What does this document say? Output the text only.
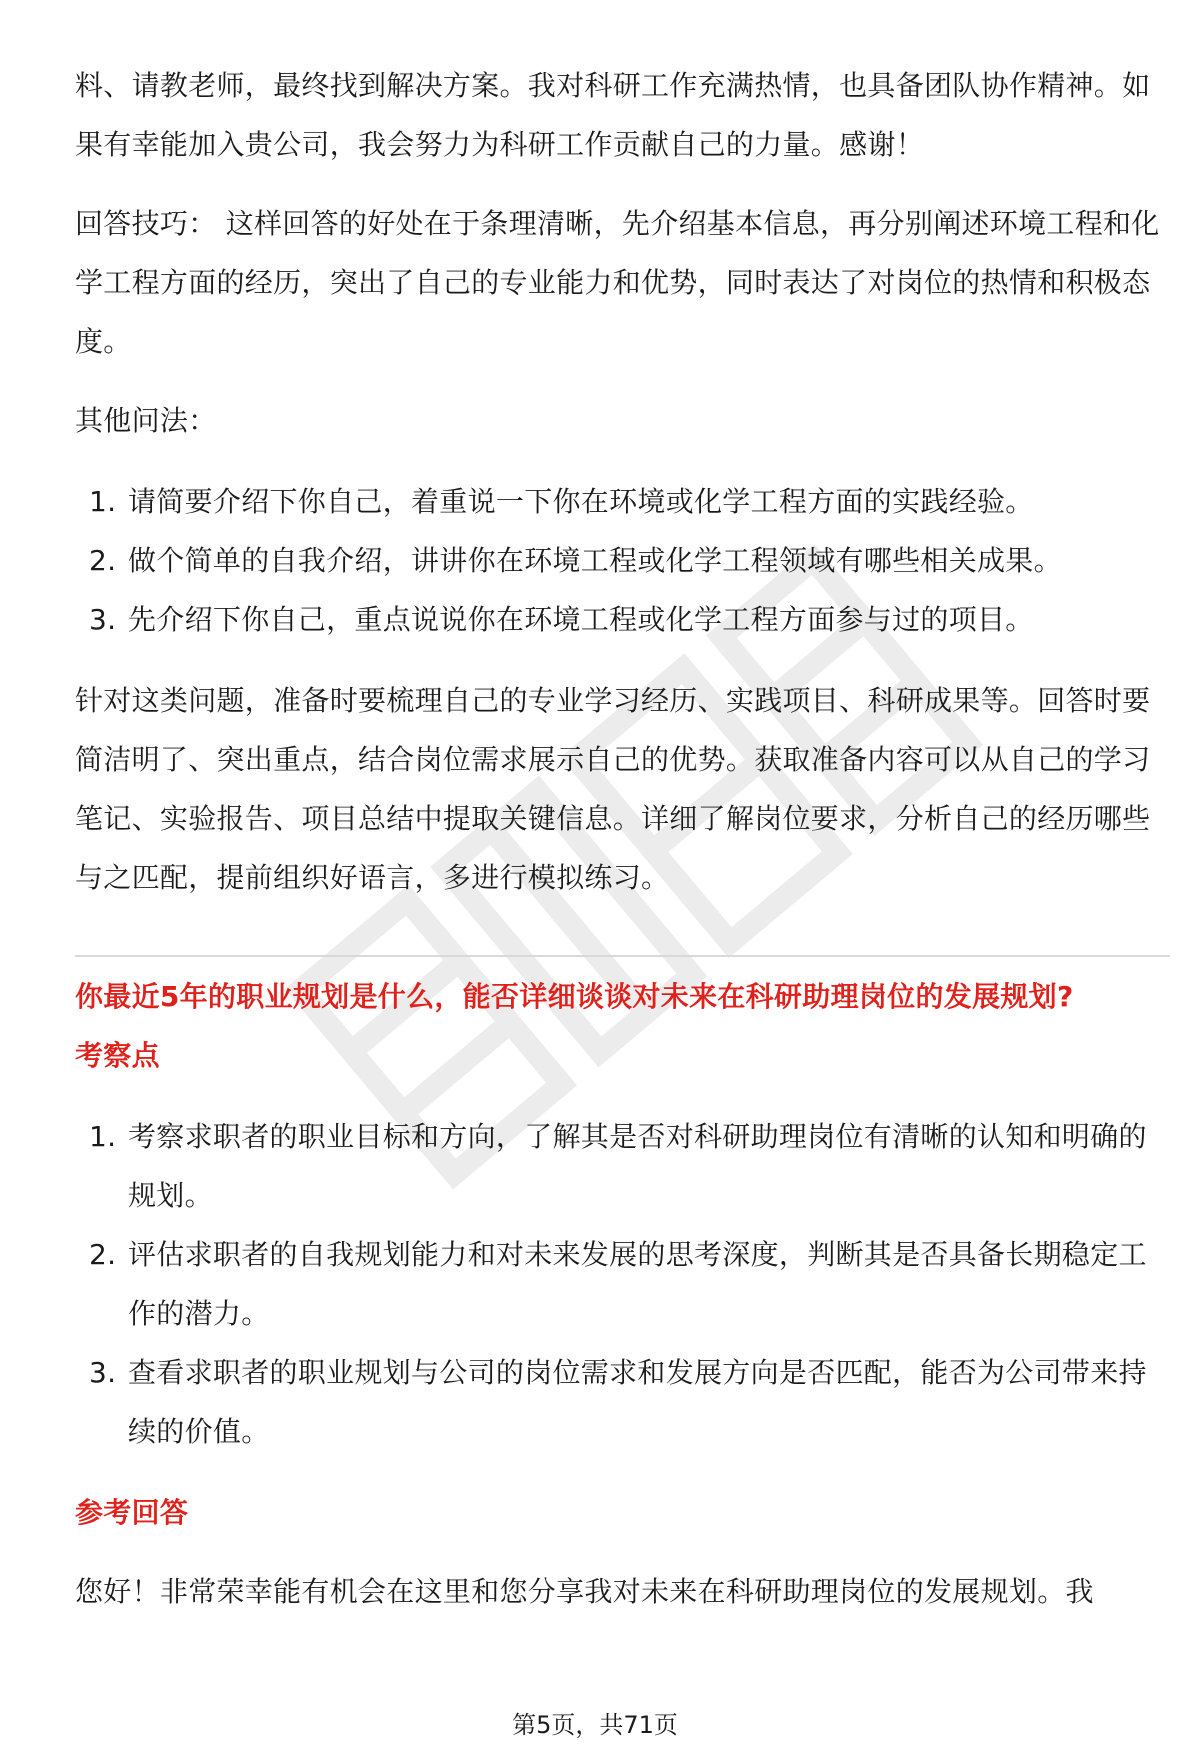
料、请教老师，最终找到解决方案。我对科研工作充满热情，也具备团队协作精神。如果有幸能加入贵公司，我会努力为科研工作贡献自己的力量。感谢！

回答技巧： 这样回答的好处在于条理清晰，先介绍基本信息，再分别阐述环境工程和化学工程方面的经历，突出了自己的专业能力和优势，同时表达了对岗位的热情和积极态度。

其他问法：

1. 请简要介绍下你自己，着重说一下你在环境或化学工程方面的实践经验。
2. 做个简单的自我介绍，讲讲你在环境工程或化学工程领域有哪些相关成果。
3. 先介绍下你自己，重点说说你在环境工程或化学工程方面参与过的项目。

针对这类问题，准备时要梳理自己的专业学习经历、实践项目、科研成果等。回答时要简洁明了、突出重点，结合岗位需求展示自己的优势。获取准备内容可以从自己的学习笔记、实验报告、项目总结中提取关键信息。详细了解岗位要求，分析自己的经历哪些与之匹配，提前组织好语言，多进行模拟练习。

你最近5年的职业规划是什么，能否详细谈谈对未来在科研助理岗位的发展规划?
考察点
1. 考察求职者的职业目标和方向，了解其是否对科研助理岗位有清晰的认知和明确的规划。
2. 评估求职者的自我规划能力和对未来发展的思考深度，判断其是否具备长期稳定工作的潜力。
3. 查看求职者的职业规划与公司的岗位需求和发展方向是否匹配，能否为公司带来持续的价值。
参考回答

您好！非常荣幸能有机会在这里和您分享我对未来在科研助理岗位的发展规划。我

第5页，共71页
